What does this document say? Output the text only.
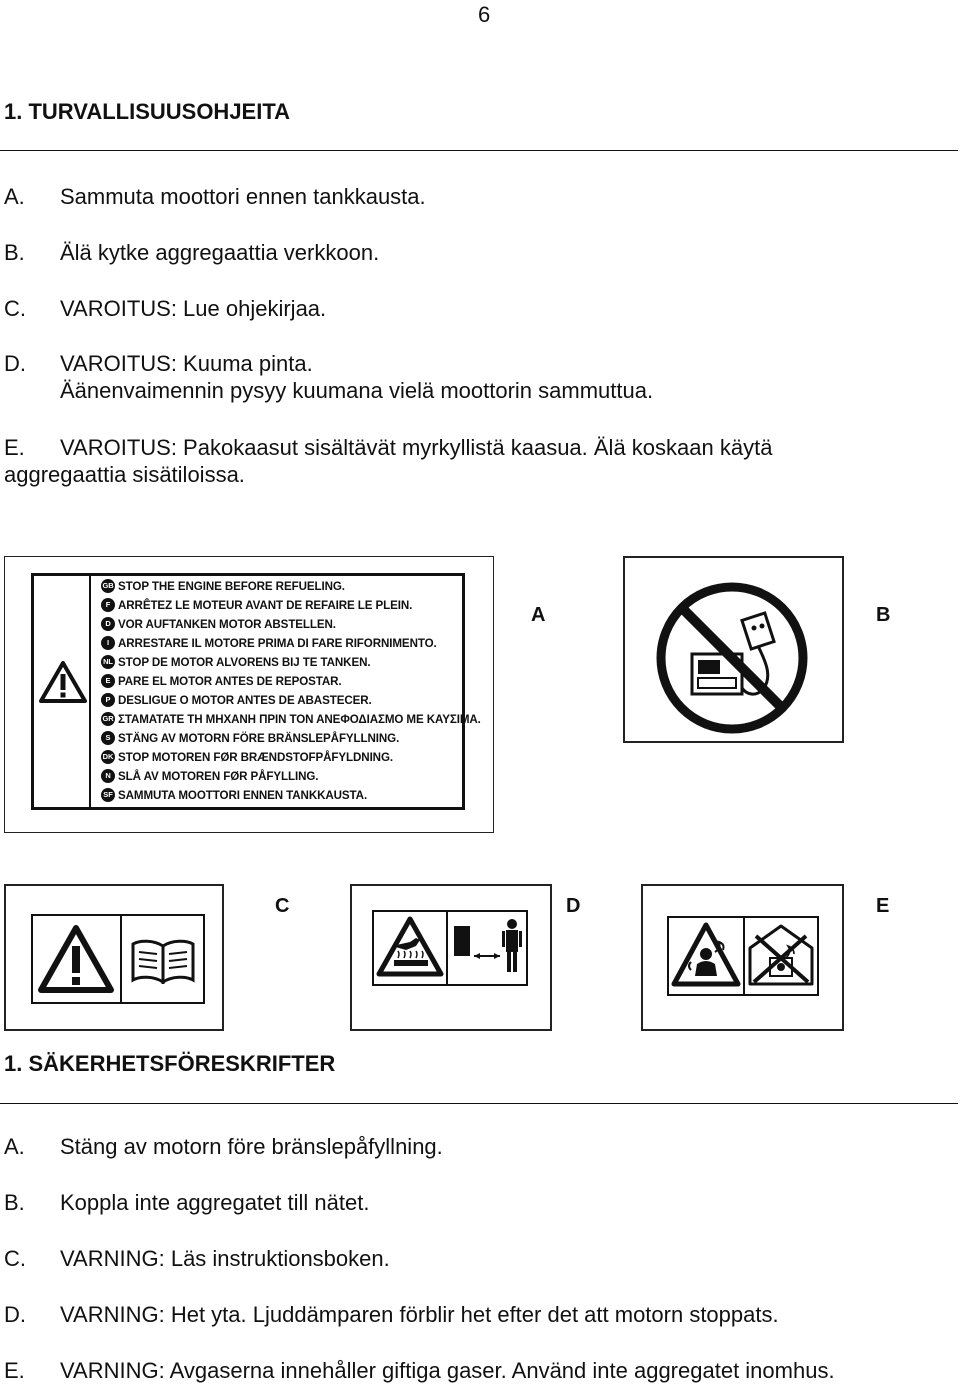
6
1. TURVALLISUUSOHJEITA
A. Sammuta moottori ennen tankkausta.
B. Älä kytke aggregaattia verkkoon.
C. VAROITUS: Lue ohjekirjaa.
D. VAROITUS: Kuuma pinta.
Äänenvaimennin pysyy kuumana vielä moottorin sammuttua.
E. VAROITUS: Pakokaasut sisältävät myrkyllistä kaasua. Älä koskaan käytä
aggregaattia sisätiloissa.
GB STOP THE ENGINE BEFORE REFUELING.
F ARRÊTEZ LE MOTEUR AVANT DE REFAIRE LE PLEIN.
D VOR AUFTANKEN MOTOR ABSTELLEN.
I ARRESTARE IL MOTORE PRIMA DI FARE RIFORNIMENTO.
NL STOP DE MOTOR ALVORENS BIJ TE TANKEN.
E PARE EL MOTOR ANTES DE REPOSTAR.
P DESLIGUE O MOTOR ANTES DE ABASTECER.
GR ΣΤΑΜΑΤΑΤΕ ΤΗ ΜΗΧΑΝΗ ΠΡΙΝ ΤΟΝ ΑΝΕΦΟΔΙΑΣΜΟ ΜΕ ΚΑΥΣΙΜΑ.
S STÄNG AV MOTORN FÖRE BRÄNSLEPÅFYLLNING.
DK STOP MOTOREN FØR BRÆNDSTOFPÅFYLDNING.
N SLÅ AV MOTOREN FØR PÅFYLLING.
SF SAMMUTA MOOTTORI ENNEN TANKKAUSTA.
A	B
C	D	E
1. SÄKERHETSFÖRESKRIFTER
A. Stäng av motorn före bränslepåfyllning.
B. Koppla inte aggregatet till nätet.
C. VARNING: Läs instruktionsboken.
D. VARNING: Het yta. Ljuddämparen förblir het efter det att motorn stoppats.
E. VARNING: Avgaserna innehåller giftiga gaser. Använd inte aggregatet inomhus.
